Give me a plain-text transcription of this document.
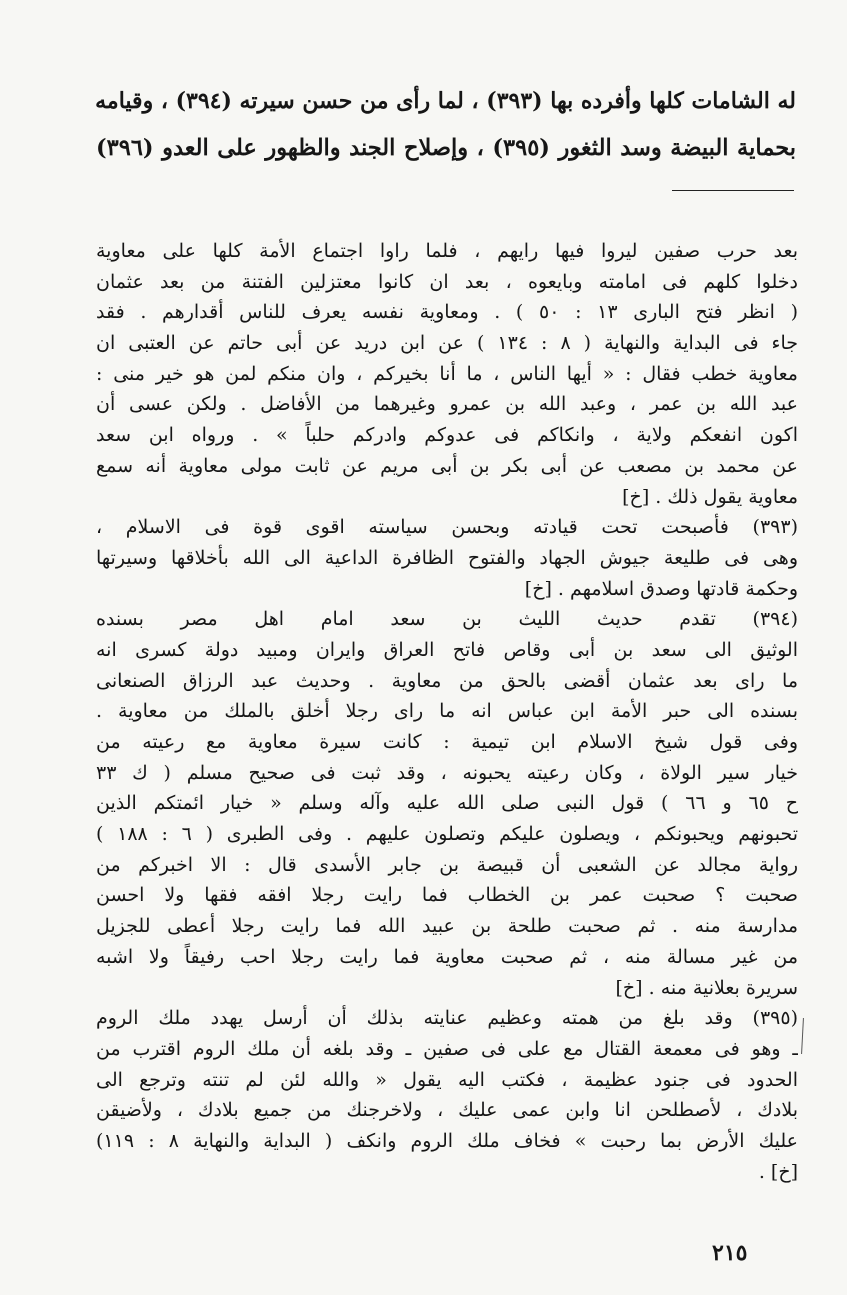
له الشامات كلها وأفرده بها (٣٩٣) ، لما رأى من حسن سيرته (٣٩٤) ، وقيامه
بحماية البيضة وسد الثغور (٣٩٥) ، وإصلاح الجند والظهور على العدو (٣٩٦)
بعد حرب صفين ليروا فيها رايهم ، فلما راوا اجتماع الأمة كلها على معاوية
دخلوا كلهم فى امامته وبايعوه ، بعد ان كانوا معتزلين الفتنة من بعد عثمان
( انظر فتح البارى ١٣ : ٥٠ ) . ومعاوية نفسه يعرف للناس أقدارهم . فقد
جاء فى البداية والنهاية ( ٨ : ١٣٤ ) عن ابن دريد عن أبى حاتم عن العتبى ان
معاوية خطب فقال : « أيها الناس ، ما أنا بخيركم ، وان منكم لمن هو خير منى :
عبد الله بن عمر ، وعبد الله بن عمرو وغيرهما من الأفاضل . ولكن عسى أن
اكون انفعكم ولاية ، وانكاكم فى عدوكم وادركم حلباً » . ورواه ابن سعد
عن محمد بن مصعب عن أبى بكر بن أبى مريم عن ثابت مولى معاوية أنه سمع
معاوية يقول ذلك . [خ]
(٣٩٣) فأصبحت تحت قيادته وبحسن سياسته اقوى قوة فى الاسلام ،
وهى فى طليعة جيوش الجهاد والفتوح الظافرة الداعية الى الله بأخلاقها وسيرتها
وحكمة قادتها وصدق اسلامهم . [خ]
(٣٩٤) تقدم حديث الليث بن سعد امام اهل مصر بسنده
الوثيق الى سعد بن أبى وقاص فاتح العراق وايران ومبيد دولة كسرى انه
ما راى بعد عثمان أقضى بالحق من معاوية . وحديث عبد الرزاق الصنعانى
بسنده الى حبر الأمة ابن عباس انه ما راى رجلا أخلق بالملك من معاوية .
وفى قول شيخ الاسلام ابن تيمية : كانت سيرة معاوية مع رعيته من
خيار سير الولاة ، وكان رعيته يحبونه ، وقد ثبت فى صحيح مسلم ( ك ٣٣
ح ٦٥ و ٦٦ ) قول النبى صلى الله عليه وآله وسلم « خيار ائمتكم الذين
تحبونهم ويحبونكم ، ويصلون عليكم وتصلون عليهم . وفى الطبرى ( ٦ : ١٨٨ )
رواية مجالد عن الشعبى أن قبيصة بن جابر الأسدى قال : الا اخبركم من
صحبت ؟ صحبت عمر بن الخطاب فما رايت رجلا افقه فقها ولا احسن
مدارسة منه . ثم صحبت طلحة بن عبيد الله فما رايت رجلا أعطى للجزيل
من غير مسالة منه ، ثم صحبت معاوية فما رايت رجلا احب رفيقاً ولا اشبه
سريرة بعلانية منه . [خ]
(٣٩٥) وقد بلغ من همته وعظيم عنايته بذلك أن أرسل يهدد ملك الروم
ـ وهو فى معمعة القتال مع على فى صفين ـ وقد بلغه أن ملك الروم اقترب من
الحدود فى جنود عظيمة ، فكتب اليه يقول « والله لئن لم تنته وترجع الى
بلادك ، لأصطلحن انا وابن عمى عليك ، ولاخرجنك من جميع بلادك ، ولأضيقن
عليك الأرض بما رحبت » فخاف ملك الروم وانكف ( البداية والنهاية ٨ : ١١٩)
[خ] .
٢١٥
